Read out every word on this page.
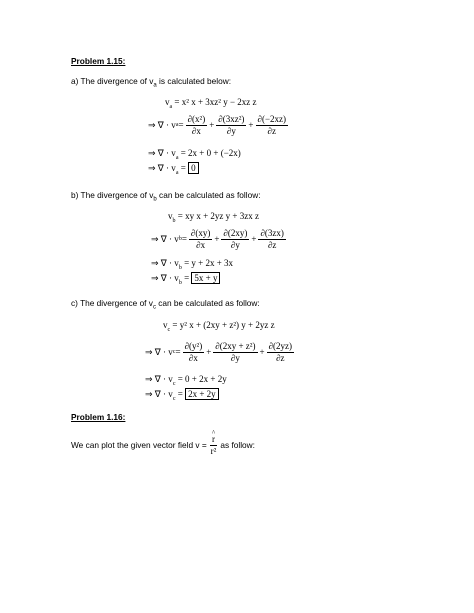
Problem 1.15:
a) The divergence of $v_a$ is calculated below:
$v_a = x^2$ x + 3xz² y − 2xz z
⇒ ∇ · v $a = \frac{\text{∂(x²)}}{\partial x} + \frac{\text{∂(3xz²)}}{\partial y} + \frac{\partial(-2xz)}{\partial z}$
⇒ ∇ · $v_a = 2x + 0 + (-2x)$
⇒ ∇ · $v_a = 0$
b) The divergence of $v_b$ can be calculated as follow:
$v_b$ = xy x + 2yz y + 3zx z
⇒ ∇ · v $b = \frac{\partial(xy)}{\partial x} + \frac{\partial(2xy)}{\partial y} + \frac{\partial(3zx)}{\partial z}$
⇒ ∇ · $v_b = y + 2x + 3x$
⇒ ∇ · $v_b = 5x + y$
c) The divergence of $v_c$ can be calculated as follow:
$v_c = y^2$ x + (2xy + z²) y + 2yz z
⇒ ∇ · v $c = \frac{\text{∂(y²)}}{\partial x} + \frac{\text{∂(2xy + z²)}}{\partial y} + \frac{\partial(2yz)}{\partial z}$
⇒ ∇ · $v_c = 0 + 2x + 2y$
⇒ ∇ · $v_c = 2x + 2y$
Problem 1.16:
We can plot the given vector field $v = \frac{r \^{}}{\text{r²}}$ as follow:
